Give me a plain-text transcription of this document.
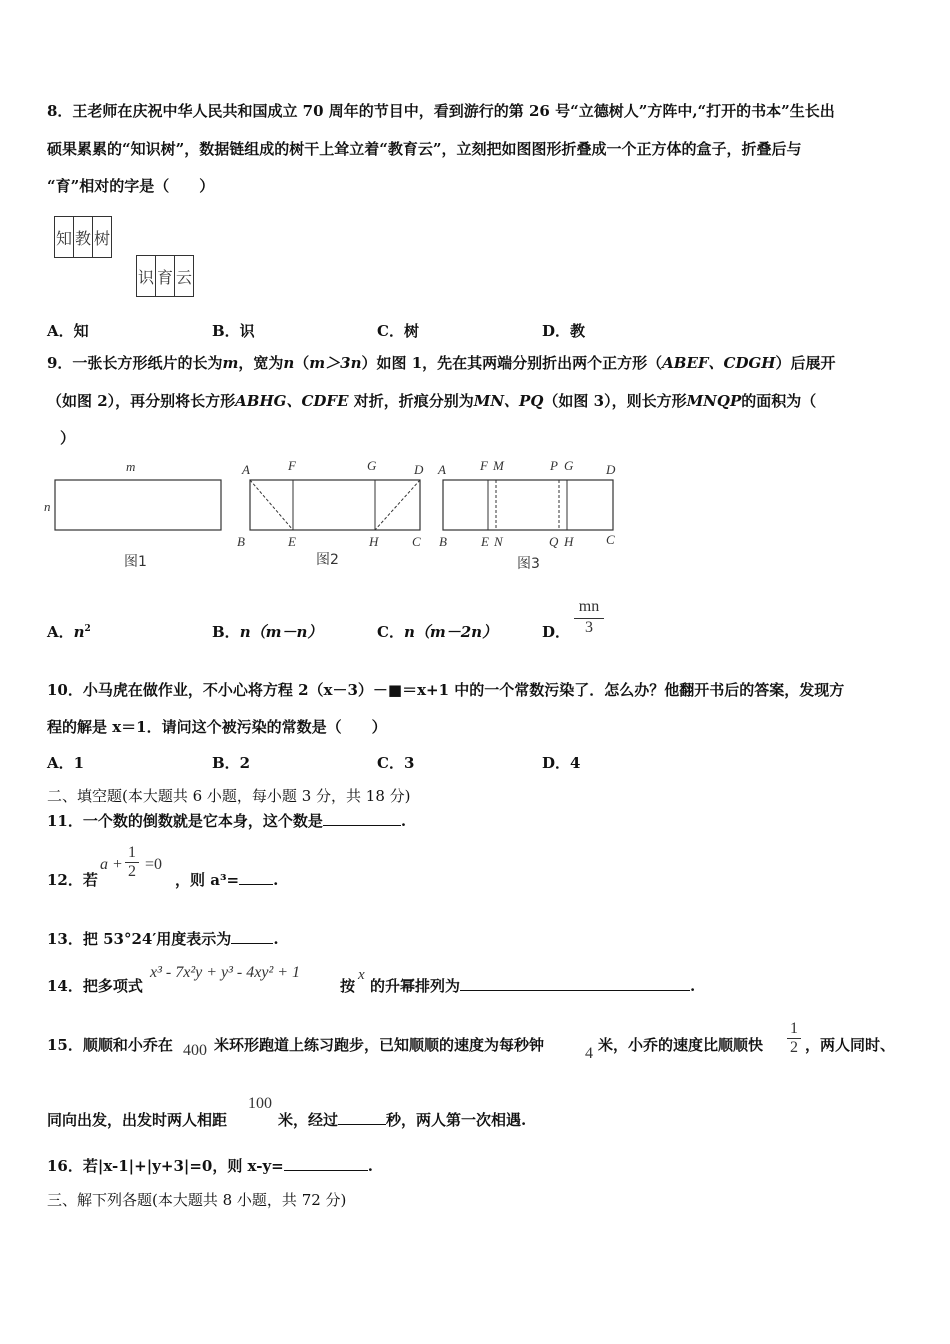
8．王老师在庆祝中华人民共和国成立 70 周年的节目中，看到游行的第 26 号“立德树人”方阵中,“打开的书本”生长出
硕果累累的“知识树”，数据链组成的树干上耸立着“教育云”，立刻把如图图形折叠成一个正方体的盒子，折叠后与
“育”相对的字是（　　）
知	教	树
识	育	云
A．知	B．识	C．树	D．教
9．一张长方形纸片的长为m，宽为n（m＞3n）如图 1，先在其两端分别折出两个正方形（ABEF、CDGH）后展开
（如图 2），再分别将长方形ABHG、CDFE 对折，折痕分别为MN、PQ（如图 3），则长方形MNQP的面积为（
）
m
n
图1
A	F	G	D
B	E	H	C
图2
A	F M	P G	D
B	E N	Q H	C
图3
A．$n^2$	B．n（m－n）	C．n（m－2n）	D． $\frac{mn}{3}$
10．小马虎在做作业，不小心将方程 2（x－3）－■＝x+1 中的一个常数污染了．怎么办？他翻开书后的答案，发现方
程的解是 x＝1．请问这个被污染的常数是（　　）
A．1	B．2	C．3	D．4
二、填空题(本大题共 6 小题，每小题 3 分，共 18 分)
11．一个数的倒数就是它本身，这个数是	.
12．若
$a + \frac{1}{2} =0$
，则 a³= .
13．把 53°24′用度表示为	.
14．把多项式
x³ - 7x²y + y³ - 4xy² + 1
按
x
的升幂排列为	.
15．顺顺和小乔在 400 米环形跑道上练习跑步，已知顺顺的速度为每秒钟	4 米，小乔的速度比顺顺快 $\frac{1}{2}$ ，两人同时、
同向出发，出发时两人相距
100
米，经过	秒，两人第一次相遇.
16．若|x-1|+|y+3|=0，则 x-y=	.
三、解下列各题(本大题共 8 小题，共 72 分)
